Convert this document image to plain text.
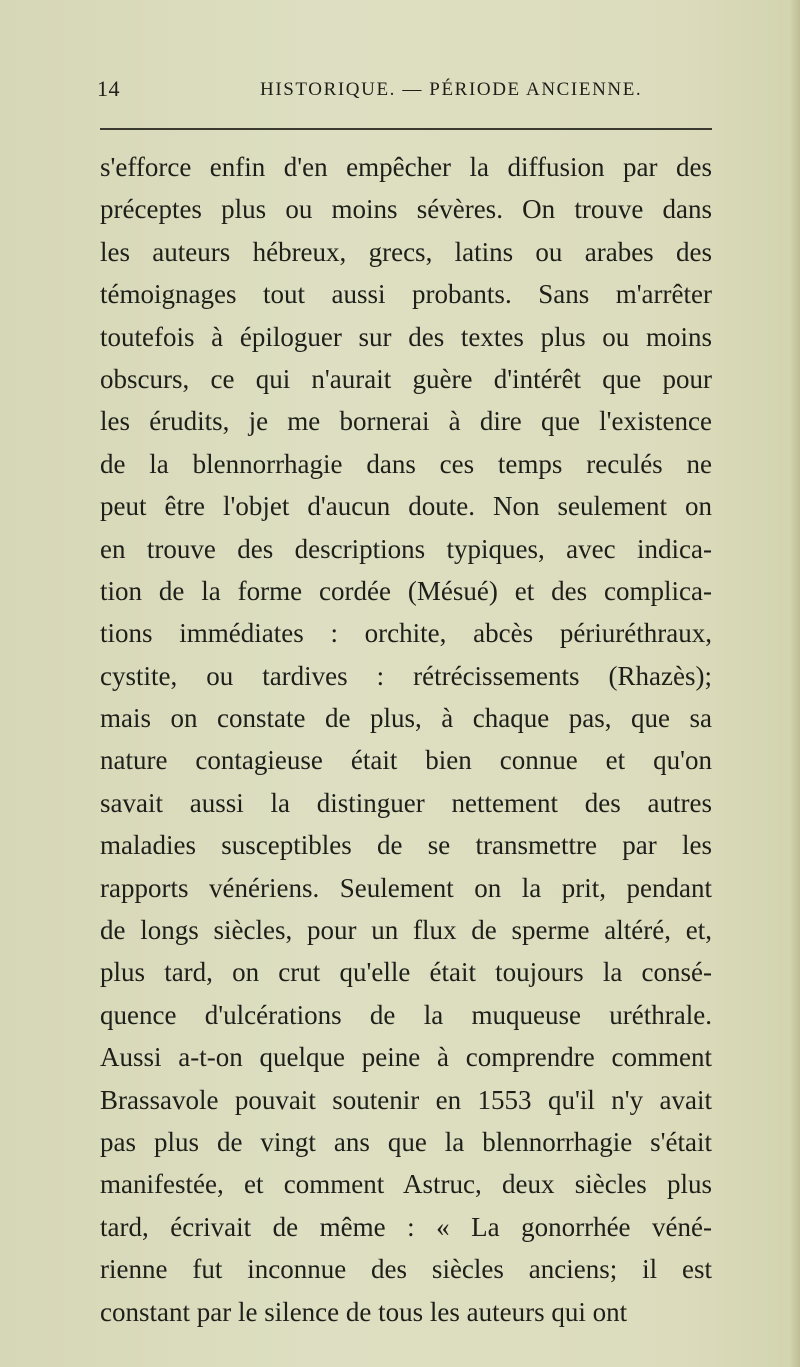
14	HISTORIQUE. — PÉRIODE ANCIENNE.
s'efforce enfin d'en empêcher la diffusion par des
préceptes plus ou moins sévères. On trouve dans
les auteurs hébreux, grecs, latins ou arabes des
témoignages tout aussi probants. Sans m'arrêter
toutefois à épiloguer sur des textes plus ou moins
obscurs, ce qui n'aurait guère d'intérêt que pour
les érudits, je me bornerai à dire que l'existence
de la blennorrhagie dans ces temps reculés ne
peut être l'objet d'aucun doute. Non seulement on
en trouve des descriptions typiques, avec indica-
tion de la forme cordée (Mésué) et des complica-
tions immédiates : orchite, abcès périuréthraux,
cystite, ou tardives : rétrécissements (Rhazès);
mais on constate de plus, à chaque pas, que sa
nature contagieuse était bien connue et qu'on
savait aussi la distinguer nettement des autres
maladies susceptibles de se transmettre par les
rapports vénériens. Seulement on la prit, pendant
de longs siècles, pour un flux de sperme altéré, et,
plus tard, on crut qu'elle était toujours la consé-
quence d'ulcérations de la muqueuse uréthrale.
Aussi a-t-on quelque peine à comprendre comment
Brassavole pouvait soutenir en 1553 qu'il n'y avait
pas plus de vingt ans que la blennorrhagie s'était
manifestée, et comment Astruc, deux siècles plus
tard, écrivait de même : « La gonorrhée véné-
rienne fut inconnue des siècles anciens; il est
constant par le silence de tous les auteurs qui ont
